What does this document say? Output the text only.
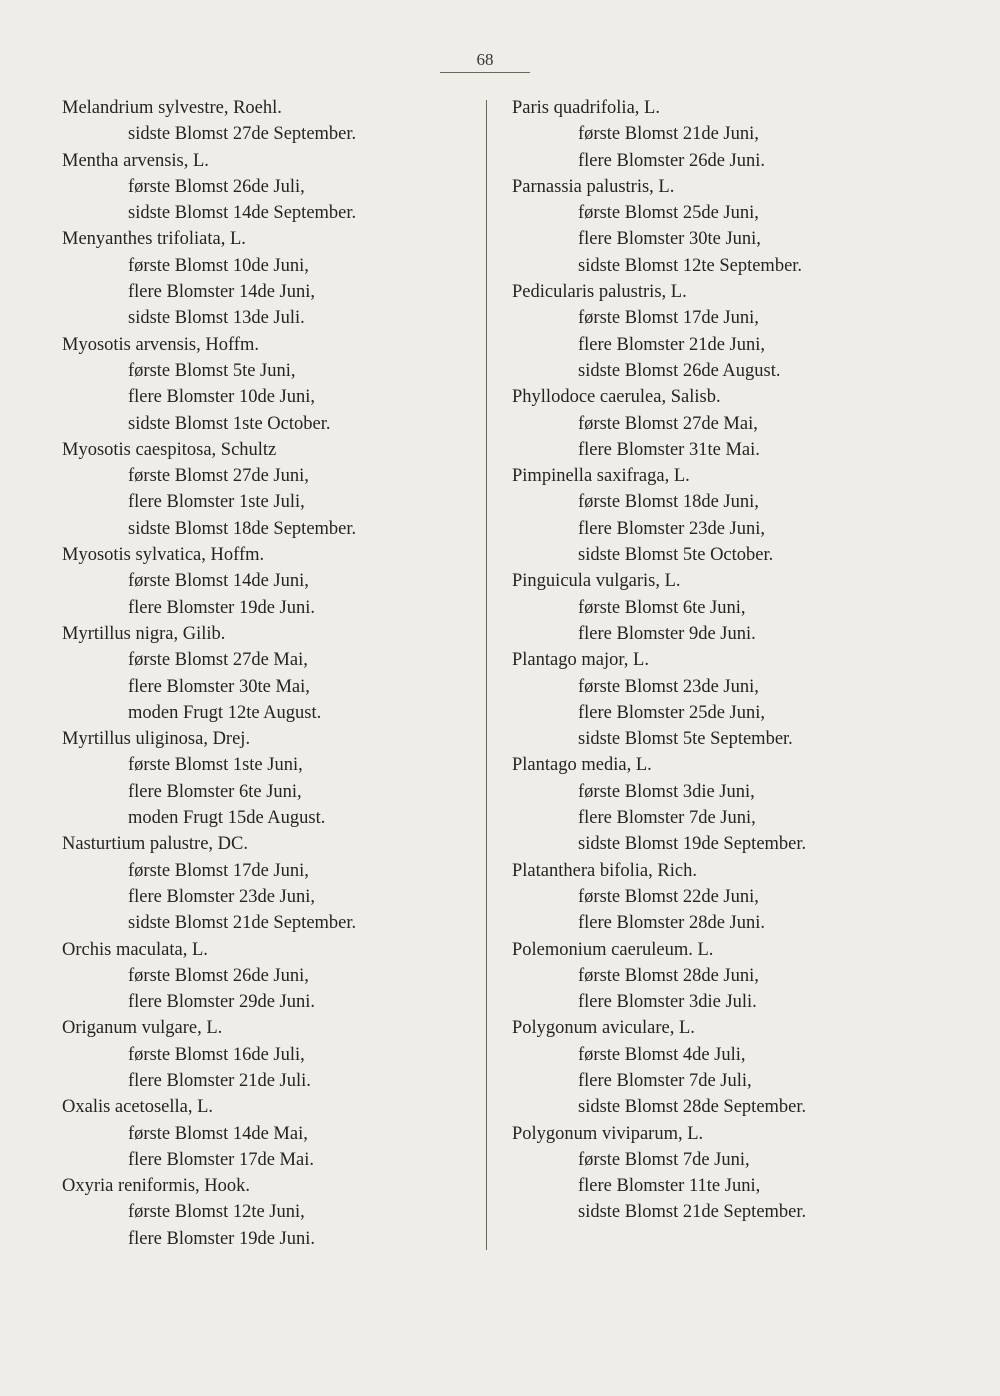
68
Melandrium sylvestre, Roehl.
sidste Blomst 27de September.
Mentha arvensis, L.
første Blomst 26de Juli,
sidste Blomst 14de September.
Menyanthes trifoliata, L.
første Blomst 10de Juni,
flere Blomster 14de Juni,
sidste Blomst 13de Juli.
Myosotis arvensis, Hoffm.
første Blomst 5te Juni,
flere Blomster 10de Juni,
sidste Blomst 1ste October.
Myosotis caespitosa, Schultz
første Blomst 27de Juni,
flere Blomster 1ste Juli,
sidste Blomst 18de September.
Myosotis sylvatica, Hoffm.
første Blomst 14de Juni,
flere Blomster 19de Juni.
Myrtillus nigra, Gilib.
første Blomst 27de Mai,
flere Blomster 30te Mai,
moden Frugt 12te August.
Myrtillus uliginosa, Drej.
første Blomst 1ste Juni,
flere Blomster 6te Juni,
moden Frugt 15de August.
Nasturtium palustre, DC.
første Blomst 17de Juni,
flere Blomster 23de Juni,
sidste Blomst 21de September.
Orchis maculata, L.
første Blomst 26de Juni,
flere Blomster 29de Juni.
Origanum vulgare, L.
første Blomst 16de Juli,
flere Blomster 21de Juli.
Oxalis acetosella, L.
første Blomst 14de Mai,
flere Blomster 17de Mai.
Oxyria reniformis, Hook.
første Blomst 12te Juni,
flere Blomster 19de Juni.
Paris quadrifolia, L.
første Blomst 21de Juni,
flere Blomster 26de Juni.
Parnassia palustris, L.
første Blomst 25de Juni,
flere Blomster 30te Juni,
sidste Blomst 12te September.
Pedicularis palustris, L.
første Blomst 17de Juni,
flere Blomster 21de Juni,
sidste Blomst 26de August.
Phyllodoce caerulea, Salisb.
første Blomst 27de Mai,
flere Blomster 31te Mai.
Pimpinella saxifraga, L.
første Blomst 18de Juni,
flere Blomster 23de Juni,
sidste Blomst 5te October.
Pinguicula vulgaris, L.
første Blomst 6te Juni,
flere Blomster 9de Juni.
Plantago major, L.
første Blomst 23de Juni,
flere Blomster 25de Juni,
sidste Blomst 5te September.
Plantago media, L.
første Blomst 3die Juni,
flere Blomster 7de Juni,
sidste Blomst 19de September.
Platanthera bifolia, Rich.
første Blomst 22de Juni,
flere Blomster 28de Juni.
Polemonium caeruleum. L.
første Blomst 28de Juni,
flere Blomster 3die Juli.
Polygonum aviculare, L.
første Blomst 4de Juli,
flere Blomster 7de Juli,
sidste Blomst 28de September.
Polygonum viviparum, L.
første Blomst 7de Juni,
flere Blomster 11te Juni,
sidste Blomst 21de September.
